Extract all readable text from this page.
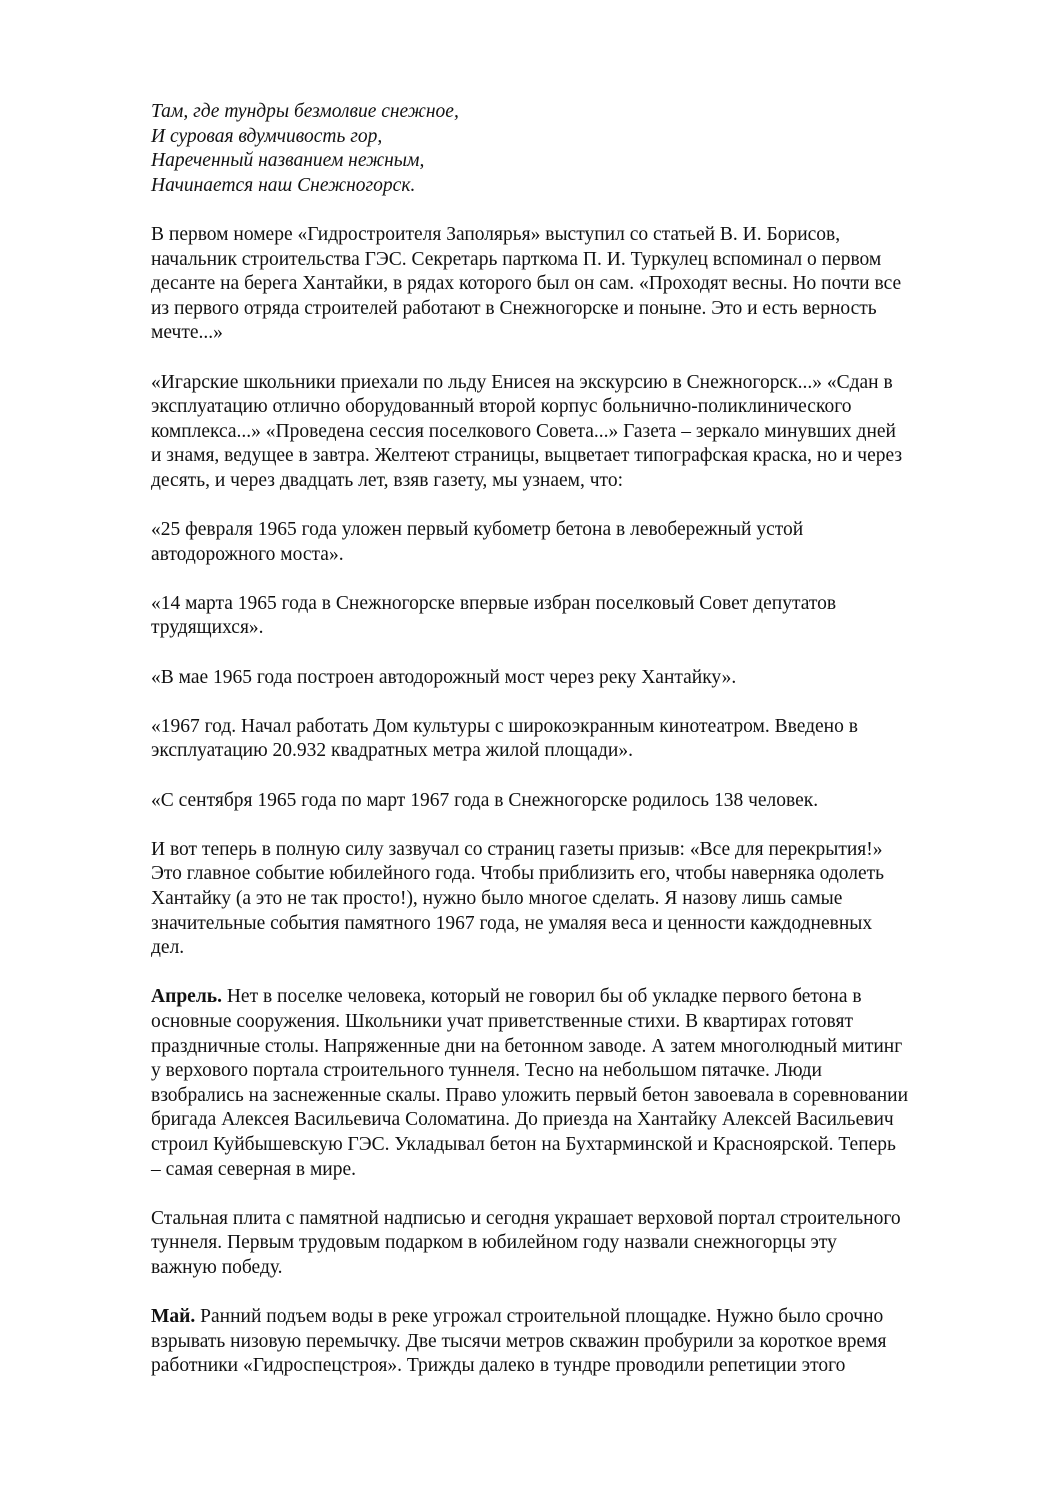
Там, где тундры безмолвие снежное,
И суровая вдумчивость гор,
Нареченный названием нежным,
Начинается наш Снежногорск.
В первом номере «Гидростроителя Заполярья» выступил со статьей В. И. Борисов,
начальник строительства ГЭС. Секретарь парткома П. И. Туркулец вспоминал о первом
десанте на берега Хантайки, в рядах которого был он сам. «Проходят весны. Но почти все
из первого отряда строителей работают в Снежногорске и поныне. Это и есть верность
мечте...»
«Игарские школьники приехали по льду Енисея на экскурсию в Снежногорск...» «Сдан в
эксплуатацию отлично оборудованный второй корпус больнично-поликлинического
комплекса...» «Проведена сессия поселкового Совета...» Газета – зеркало минувших дней
и знамя, ведущее в завтра. Желтеют страницы, выцветает типографская краска, но и через
десять, и через двадцать лет, взяв газету, мы узнаем, что:
«25 февраля 1965 года уложен первый кубометр бетона в левобережный устой
автодорожного моста».
«14 марта 1965 года в Снежногорске впервые избран поселковый Совет депутатов
трудящихся».
«В мае 1965 года построен автодорожный мост через реку Хантайку».
«1967 год. Начал работать Дом культуры с широкоэкранным кинотеатром. Введено в
эксплуатацию 20.932 квадратных метра жилой площади».
«С сентября 1965 года по март 1967 года в Снежногорске родилось 138 человек.
И вот теперь в полную силу зазвучал со страниц газеты призыв: «Все для перекрытия!»
Это главное событие юбилейного года. Чтобы приблизить его, чтобы наверняка одолеть
Хантайку (а это не так просто!), нужно было многое сделать. Я назову лишь самые
значительные события памятного 1967 года, не умаляя веса и ценности каждодневных
дел.
Апрель. Нет в поселке человека, который не говорил бы об укладке первого бетона в
основные сооружения. Школьники учат приветственные стихи. В квартирах готовят
праздничные столы. Напряженные дни на бетонном заводе. А затем многолюдный митинг
у верхового портала строительного туннеля. Тесно на небольшом пятачке. Люди
взобрались на заснеженные скалы. Право уложить первый бетон завоевала в соревновании
бригада Алексея Васильевича Соломатина. До приезда на Хантайку Алексей Васильевич
строил Куйбышевскую ГЭС. Укладывал бетон на Бухтарминской и Красноярской. Теперь
– самая северная в мире.
Стальная плита с памятной надписью и сегодня украшает верховой портал строительного
туннеля. Первым трудовым подарком в юбилейном году назвали снежногорцы эту
важную победу.
Май. Ранний подъем воды в реке угрожал строительной площадке. Нужно было срочно
взрывать низовую перемычку. Две тысячи метров скважин пробурили за короткое время
работники «Гидроспецстроя». Трижды далеко в тундре проводили репетиции этого
